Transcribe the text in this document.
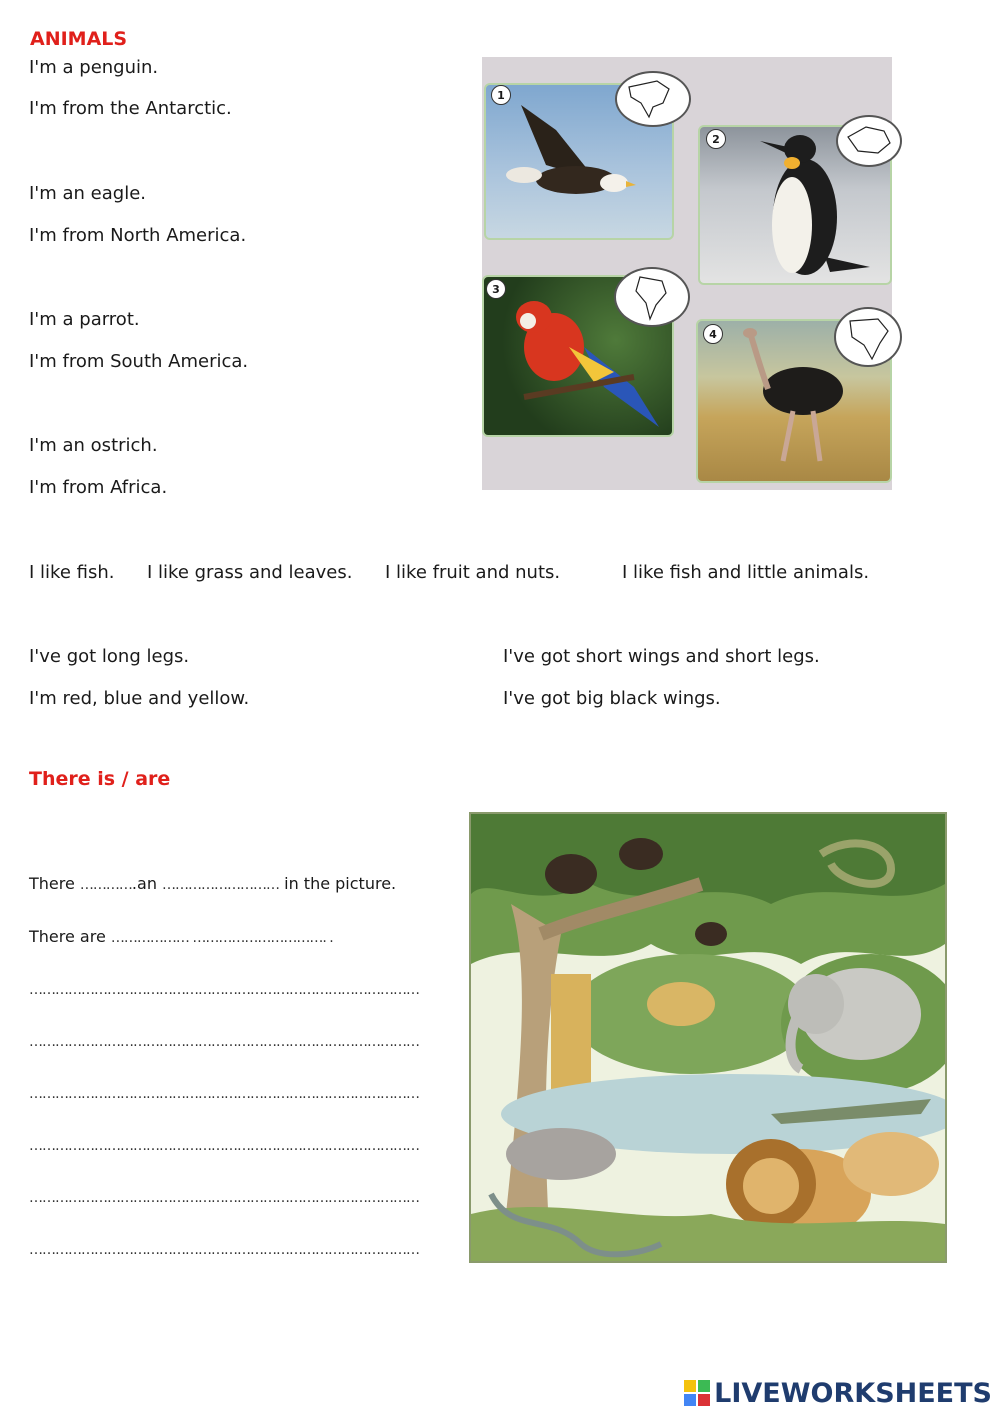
ANIMALS
I'm a penguin.
I'm from the Antarctic.
I'm an eagle.
I'm from North America.
I'm a parrot.
I'm from South America.
I'm an ostrich.
I'm from Africa.
1
2
3
4
I like fish. I like grass and leaves. I like fruit and nuts.	I like fish and little animals.
I've got long legs.
I'm red, blue and yellow.
I've got short wings and short legs.
I've got big black wings.
There is / are
There ………….an ……………………… in the picture.
There are ……………… …………………………. .
………………………………………………………………………………
………………………………………………………………………………
………………………………………………………………………………
………………………………………………………………………………
………………………………………………………………………………
………………………………………………………………………………
LIVEWORKSHEETS
